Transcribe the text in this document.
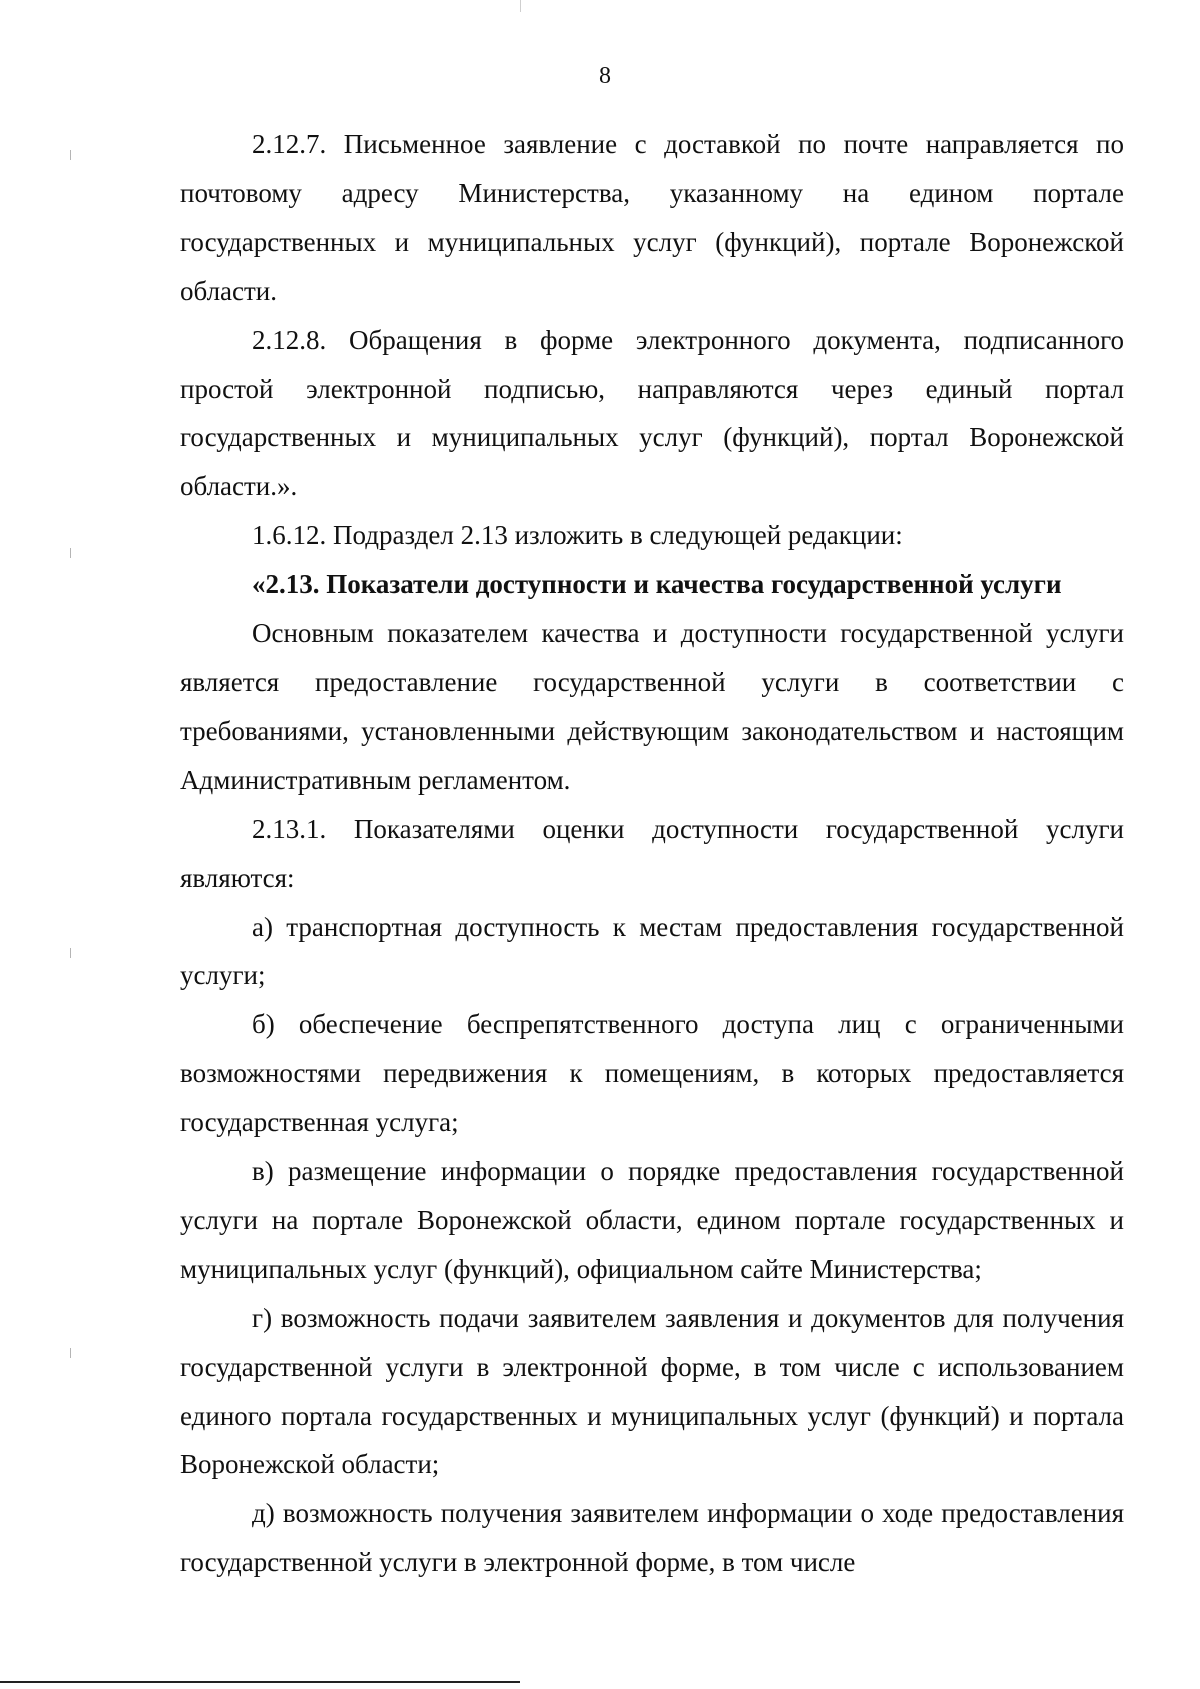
8

2.12.7. Письменное заявление с доставкой по почте направляется по почтовому адресу Министерства, указанному на едином портале государственных и муниципальных услуг (функций), портале Воронежской области.

2.12.8. Обращения в форме электронного документа, подписанного простой электронной подписью, направляются через единый портал государственных и муниципальных услуг (функций), портал Воронежской области.».

1.6.12. Подраздел 2.13 изложить в следующей редакции:

«2.13. Показатели доступности и качества государственной услуги

Основным показателем качества и доступности государственной услуги является предоставление государственной услуги в соответствии с требованиями, установленными действующим законодательством и настоящим Административным регламентом.

2.13.1. Показателями оценки доступности государственной услуги являются:

а) транспортная доступность к местам предоставления государственной услуги;

б) обеспечение беспрепятственного доступа лиц с ограниченными возможностями передвижения к помещениям, в которых предоставляется государственная услуга;

в) размещение информации о порядке предоставления государственной услуги на портале Воронежской области, едином портале государственных и муниципальных услуг (функций), официальном сайте Министерства;

г) возможность подачи заявителем заявления и документов для получения государственной услуги в электронной форме, в том числе с использованием единого портала государственных и муниципальных услуг (функций) и портала Воронежской области;

д) возможность получения заявителем информации о ходе предоставления государственной услуги в электронной форме, в том числе
